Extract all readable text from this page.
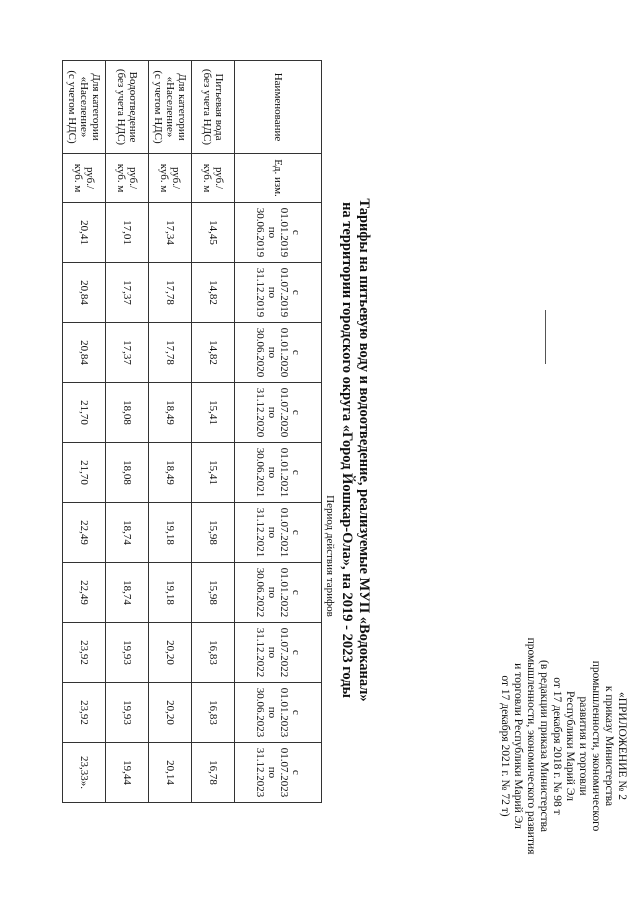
«ПРИЛОЖЕНИЕ № 2
к приказу Министерства
промышленности, экономического
развития и торговли
Республики Марий Эл
от 17 декабря 2018 г. № 98 т
(в редакции приказа Министерства
промышленности, экономического развития
и торговли Республики Марий Эл
от 17 декабря 2021 г. № 72 т)
Тарифы на питьевую воду и водоотведение, реализуемые МУП «Водоканал»
на территории городского округа «Город Йошкар-Ола», на 2019 - 2023 годы
Период действия тарифов
Наименование	Ед. изм.	с 01.01.2019
по
30.06.2019	с 01.07.2019
по
31.12.2019	с 01.01.2020
по
30.06.2020	с 01.07.2020
по
31.12.2020	с 01.01.2021
по
30.06.2021	с 01.07.2021
по
31.12.2021	с 01.01.2022
по
30.06.2022	с 01.07.2022
по
31.12.2022	с 01.01.2023
по
30.06.2023	с 01.07.2023
по
31.12.2023
Питьевая вода
(без учета НДС)	руб./
куб. м	14,45	14,82	14,82	15,41	15,41	15,98	15,98	16,83	16,83	16,78
Для категории
«Население»
(с учетом НДС)	руб./
куб. м	17,34	17,78	17,78	18,49	18,49	19,18	19,18	20,20	20,20	20,14
Водоотведение
(без учета НДС)	руб./
куб. м	17,01	17,37	17,37	18,08	18,08	18,74	18,74	19,93	19,93	19,44
Для категории
«Население»
(с учетом НДС)	руб./
куб. м	20,41	20,84	20,84	21,70	21,70	22,49	22,49	23,92	23,92	23,33».
